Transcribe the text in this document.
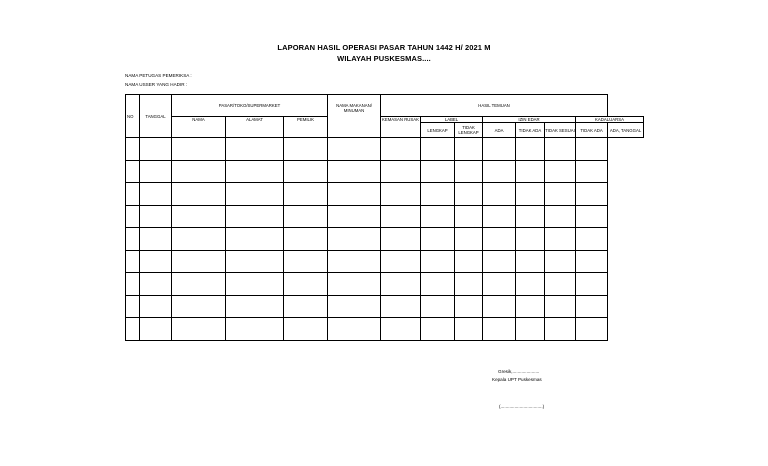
LAPORAN HASIL OPERASI PASAR TAHUN 1442 H/ 2021 M
WILAYAH PUSKESMAS....
NAMA PETUGAS PEMERIKSA :
NAMA USSER YANG HADIR :
NO	TANGGAL	PASAR/TOKO/SUPERMARKET			NAMA MAKANAN/ MINUMAN	HASIL TEMUAN							
		NAMA	ALAMAT	PEMILIK		KEMASAN RUSAK	LABEL		IZIN EDAR			KADALUARSA	
							LENGKAP	TIDAK LENGKAP	ADA	TIDAK ADA	TIDAK SESUAI	TIDAK ADA	ADA, TANGGAL

Gresik,.....................
Kepala UPT Puskesmas
(.................................)
